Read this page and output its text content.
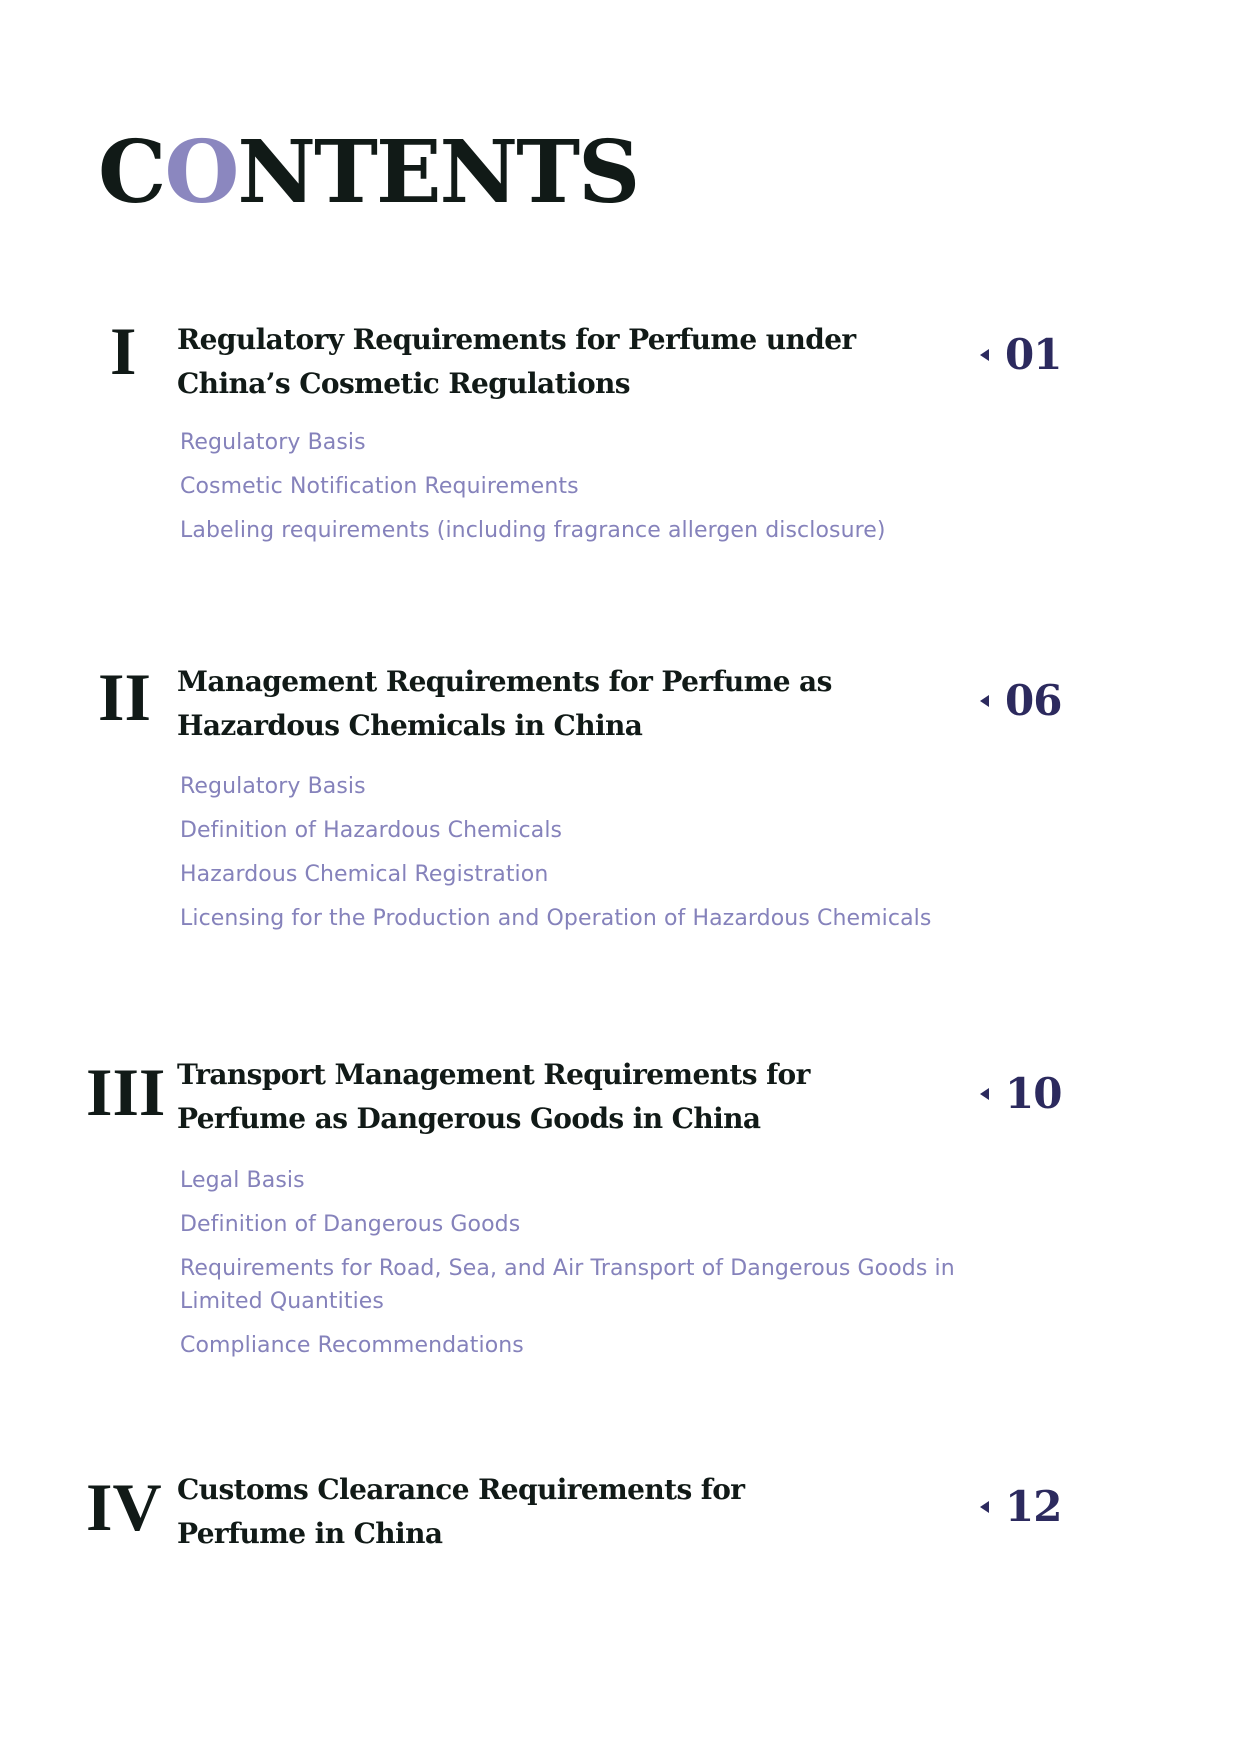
CONTENTS
I Regulatory Requirements for Perfume under China’s Cosmetic Regulations
01
Regulatory Basis
Cosmetic Notification Requirements
Labeling requirements (including fragrance allergen disclosure)
II Management Requirements for Perfume as Hazardous Chemicals in China
06
Regulatory Basis
Definition of Hazardous Chemicals
Hazardous Chemical Registration
Licensing for the Production and Operation of Hazardous Chemicals
III Transport Management Requirements for Perfume as Dangerous Goods in China
10
Legal Basis
Definition of Dangerous Goods
Requirements for Road, Sea, and Air Transport of Dangerous Goods in Limited Quantities
Compliance Recommendations
IV Customs Clearance Requirements for Perfume in China
12
